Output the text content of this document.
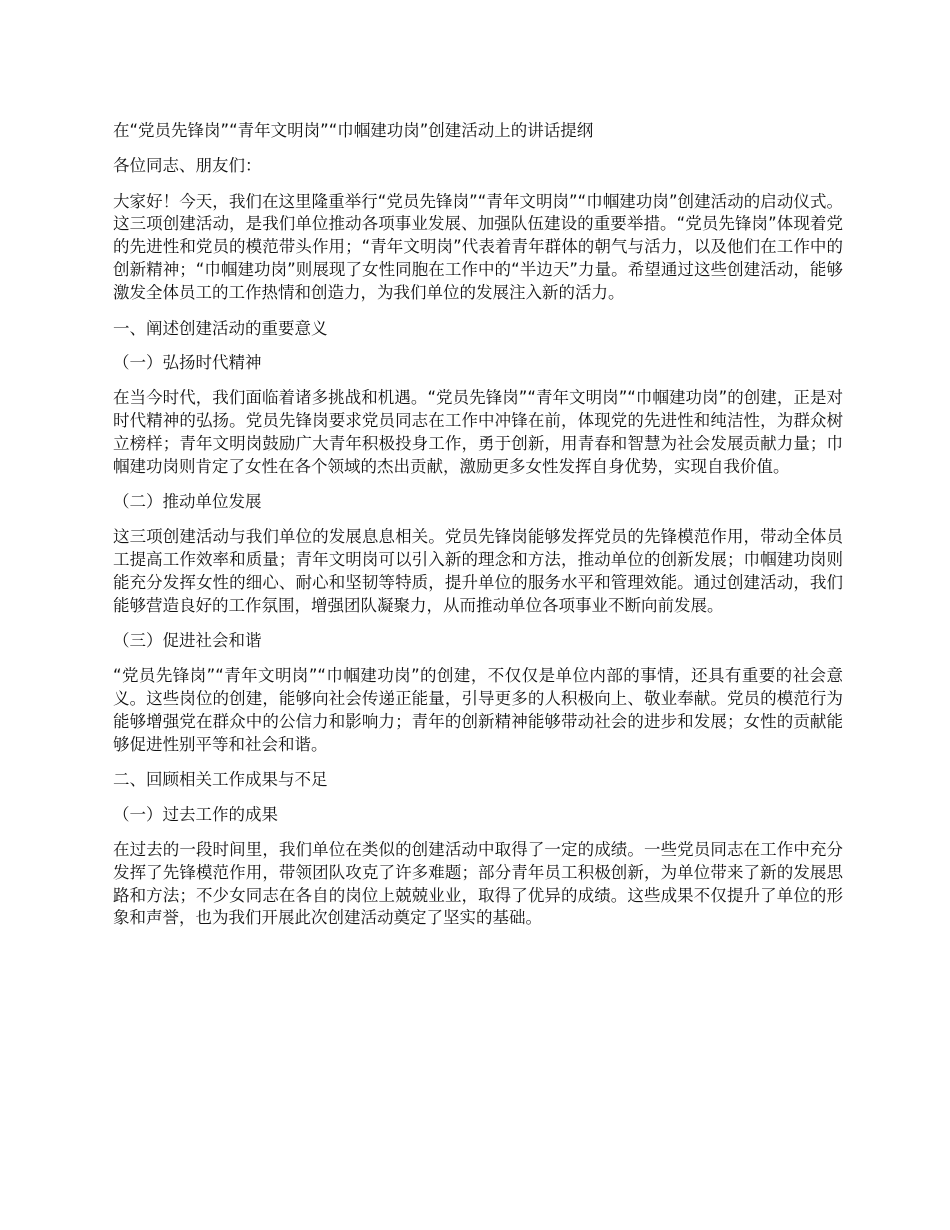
在“党员先锋岗”“青年文明岗”“巾帼建功岗”创建活动上的讲话提纲
各位同志、朋友们：
大家好！今天，我们在这里隆重举行“党员先锋岗”“青年文明岗”“巾帼建功岗”创建活动的启动仪式。这三项创建活动，是我们单位推动各项事业发展、加强队伍建设的重要举措。“党员先锋岗”体现着党的先进性和党员的模范带头作用；“青年文明岗”代表着青年群体的朝气与活力，以及他们在工作中的创新精神；“巾帼建功岗”则展现了女性同胞在工作中的“半边天”力量。希望通过这些创建活动，能够激发全体员工的工作热情和创造力，为我们单位的发展注入新的活力。
一、阐述创建活动的重要意义
（一）弘扬时代精神
在当今时代，我们面临着诸多挑战和机遇。“党员先锋岗”“青年文明岗”“巾帼建功岗”的创建，正是对时代精神的弘扬。党员先锋岗要求党员同志在工作中冲锋在前，体现党的先进性和纯洁性，为群众树立榜样；青年文明岗鼓励广大青年积极投身工作，勇于创新，用青春和智慧为社会发展贡献力量；巾帼建功岗则肯定了女性在各个领域的杰出贡献，激励更多女性发挥自身优势，实现自我价值。
（二）推动单位发展
这三项创建活动与我们单位的发展息息相关。党员先锋岗能够发挥党员的先锋模范作用，带动全体员工提高工作效率和质量；青年文明岗可以引入新的理念和方法，推动单位的创新发展；巾帼建功岗则能充分发挥女性的细心、耐心和坚韧等特质，提升单位的服务水平和管理效能。通过创建活动，我们能够营造良好的工作氛围，增强团队凝聚力，从而推动单位各项事业不断向前发展。
（三）促进社会和谐
“党员先锋岗”“青年文明岗”“巾帼建功岗”的创建，不仅仅是单位内部的事情，还具有重要的社会意义。这些岗位的创建，能够向社会传递正能量，引导更多的人积极向上、敬业奉献。党员的模范行为能够增强党在群众中的公信力和影响力；青年的创新精神能够带动社会的进步和发展；女性的贡献能够促进性别平等和社会和谐。
二、回顾相关工作成果与不足
（一）过去工作的成果
在过去的一段时间里，我们单位在类似的创建活动中取得了一定的成绩。一些党员同志在工作中充分发挥了先锋模范作用，带领团队攻克了许多难题；部分青年员工积极创新，为单位带来了新的发展思路和方法；不少女同志在各自的岗位上兢兢业业，取得了优异的成绩。这些成果不仅提升了单位的形象和声誉，也为我们开展此次创建活动奠定了坚实的基础。
